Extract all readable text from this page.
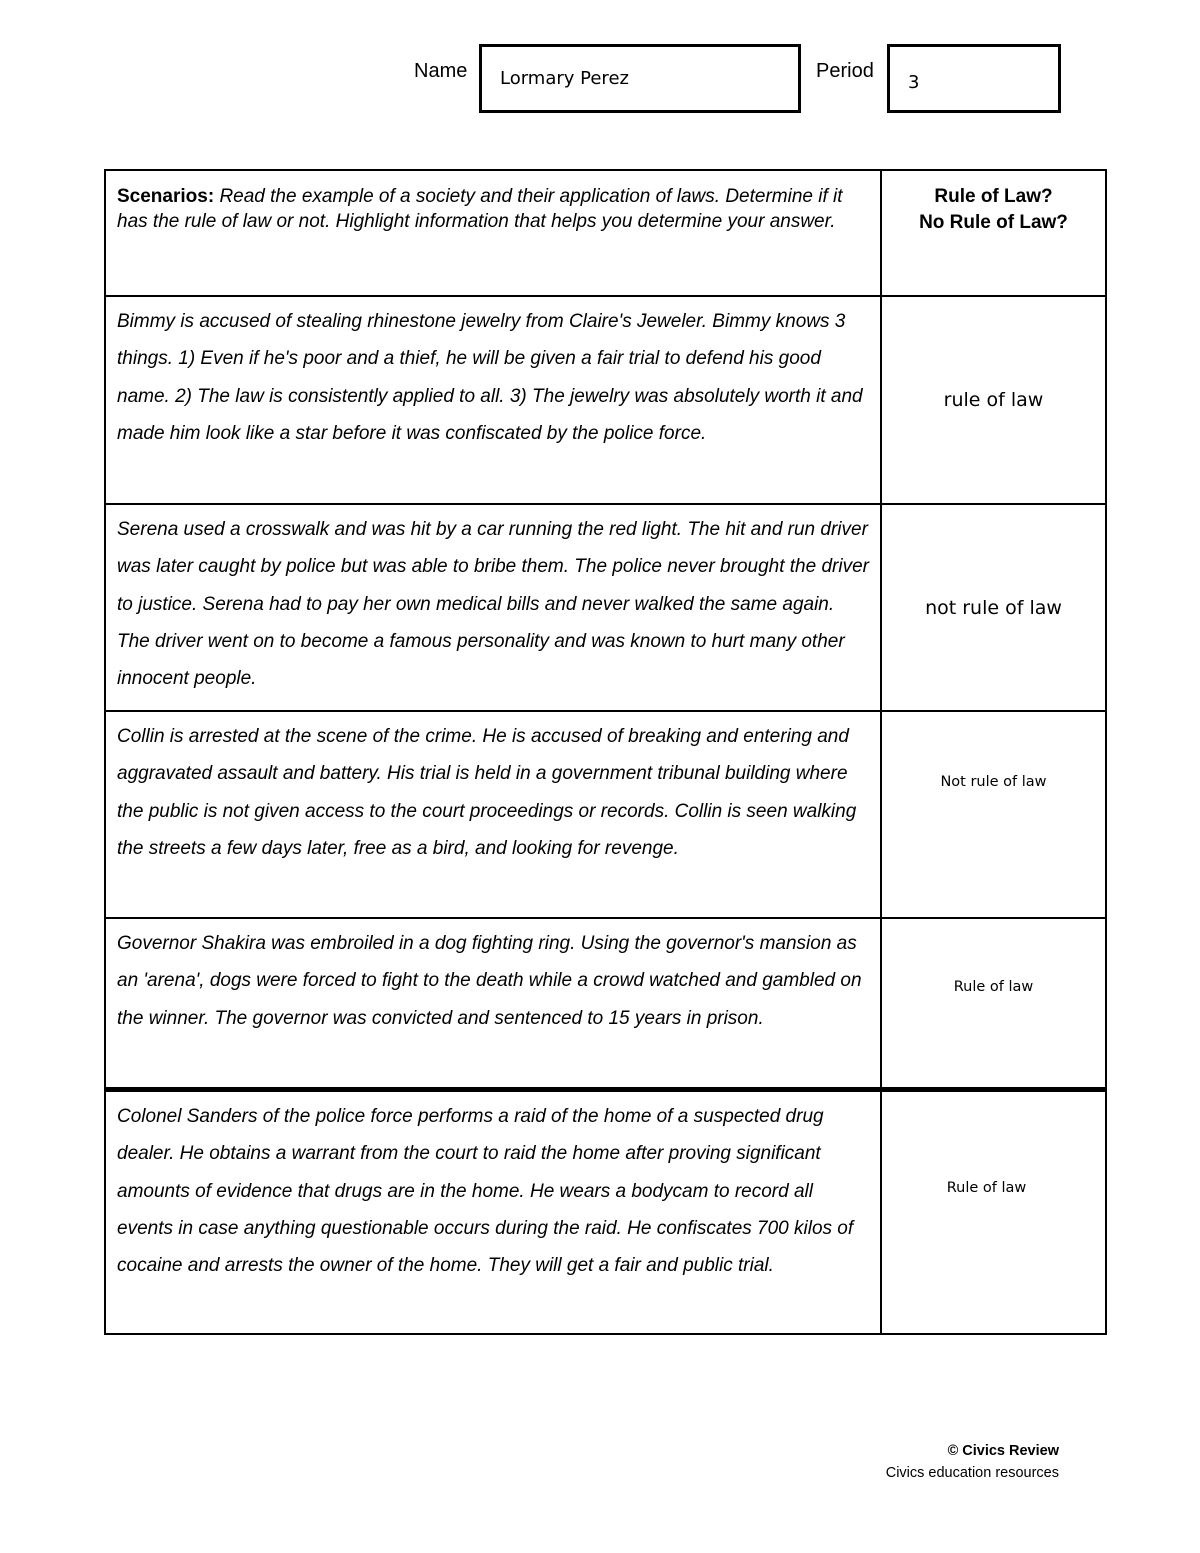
Name	Lormary Perez	Period
3
Scenarios: Read the example of a society and their application of laws. Determine if it has the rule of law or not. Highlight information that helps you determine your answer.
Rule of Law?
No Rule of Law?
Bimmy is accused of stealing rhinestone jewelry from Claire's Jeweler. Bimmy knows 3 things. 1) Even if he's poor and a thief, he will be given a fair trial to defend his good name. 2) The law is consistently applied to all. 3) The jewelry was absolutely worth it and made him look like a star before it was confiscated by the police force.
rule of law
Serena used a crosswalk and was hit by a car running the red light. The hit and run driver was later caught by police but was able to bribe them. The police never brought the driver to justice. Serena had to pay her own medical bills and never walked the same again. The driver went on to become a famous personality and was known to hurt many other innocent people.
not rule of law
Collin is arrested at the scene of the crime. He is accused of breaking and entering and aggravated assault and battery. His trial is held in a government tribunal building where the public is not given access to the court proceedings or records. Collin is seen walking the streets a few days later, free as a bird, and looking for revenge.
Not rule of law
Governor Shakira was embroiled in a dog fighting ring. Using the governor's mansion as an 'arena', dogs were forced to fight to the death while a crowd watched and gambled on the winner. The governor was convicted and sentenced to 15 years in prison.
Rule of law
Colonel Sanders of the police force performs a raid of the home of a suspected drug dealer. He obtains a warrant from the court to raid the home after proving significant amounts of evidence that drugs are in the home. He wears a bodycam to record all events in case anything questionable occurs during the raid. He confiscates 700 kilos of cocaine and arrests the owner of the home. They will get a fair and public trial.
Rule of law
© Civics Review
Civics education resources
